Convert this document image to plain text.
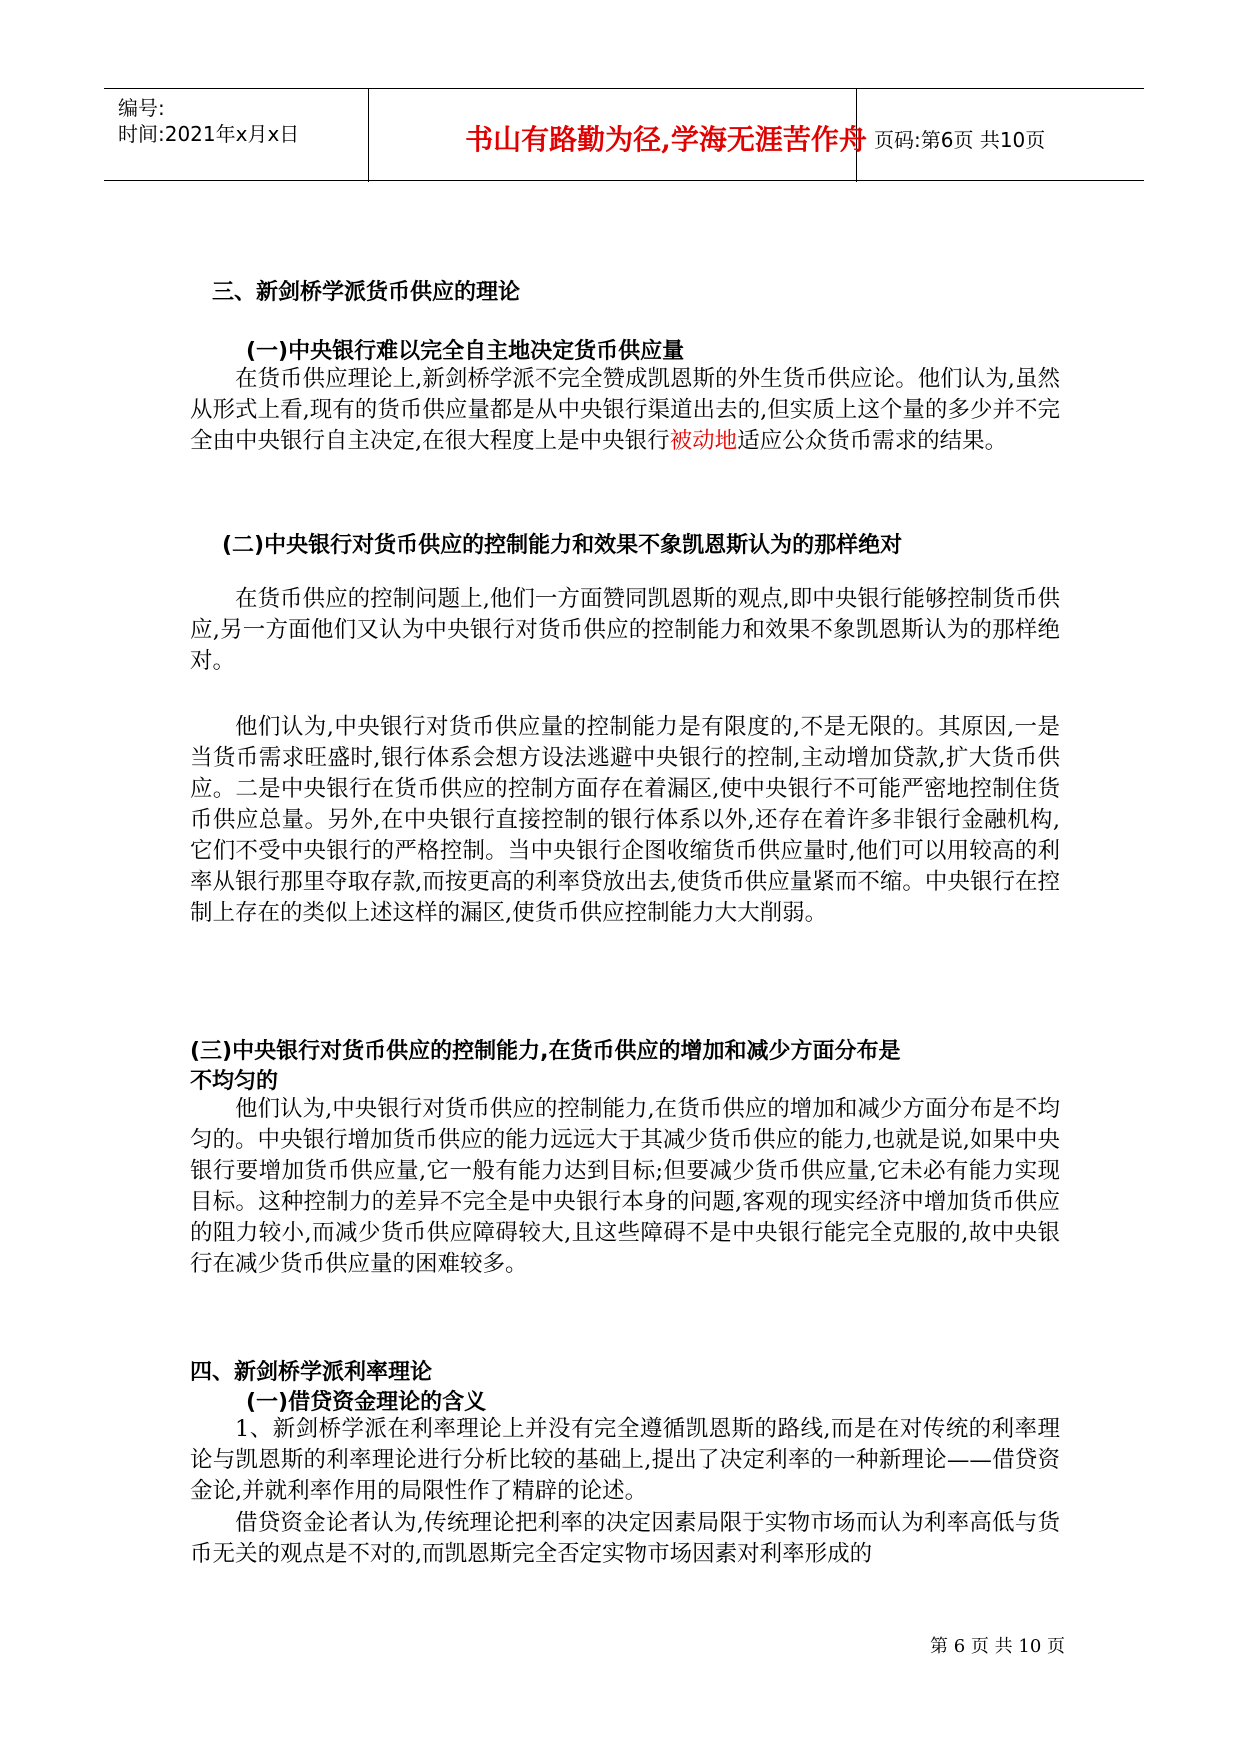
编号:
时间:2021年x月x日	书山有路勤为径,学海无涯苦作舟 页码:第6页 共10页
三、新剑桥学派货币供应的理论
(一)中央银行难以完全自主地决定货币供应量
在货币供应理论上,新剑桥学派不完全赞成凯恩斯的外生货币供应论。他们认为,虽然从形式上看,现有的货币供应量都是从中央银行渠道出去的,但实质上这个量的多少并不完全由中央银行自主决定,在很大程度上是中央银行被动地适应公众货币需求的结果。
(二)中央银行对货币供应的控制能力和效果不象凯恩斯认为的那样绝对
在货币供应的控制问题上,他们一方面赞同凯恩斯的观点,即中央银行能够控制货币供应,另一方面他们又认为中央银行对货币供应的控制能力和效果不象凯恩斯认为的那样绝对。
他们认为,中央银行对货币供应量的控制能力是有限度的,不是无限的。其原因,一是当货币需求旺盛时,银行体系会想方设法逃避中央银行的控制,主动增加贷款,扩大货币供应。二是中央银行在货币供应的控制方面存在着漏区,使中央银行不可能严密地控制住货币供应总量。另外,在中央银行直接控制的银行体系以外,还存在着许多非银行金融机构,它们不受中央银行的严格控制。当中央银行企图收缩货币供应量时,他们可以用较高的利率从银行那里夺取存款,而按更高的利率贷放出去,使货币供应量紧而不缩。中央银行在控制上存在的类似上述这样的漏区,使货币供应控制能力大大削弱。
(三)中央银行对货币供应的控制能力,在货币供应的增加和减少方面分布是
不均匀的
他们认为,中央银行对货币供应的控制能力,在货币供应的增加和减少方面分布是不均匀的。中央银行增加货币供应的能力远远大于其减少货币供应的能力,也就是说,如果中央银行要增加货币供应量,它一般有能力达到目标;但要减少货币供应量,它未必有能力实现目标。这种控制力的差异不完全是中央银行本身的问题,客观的现实经济中增加货币供应的阻力较小,而减少货币供应障碍较大,且这些障碍不是中央银行能完全克服的,故中央银行在减少货币供应量的困难较多。
四、新剑桥学派利率理论
(一)借贷资金理论的含义
1、新剑桥学派在利率理论上并没有完全遵循凯恩斯的路线,而是在对传统的利率理论与凯恩斯的利率理论进行分析比较的基础上,提出了决定利率的一种新理论——借贷资金论,并就利率作用的局限性作了精辟的论述。
借贷资金论者认为,传统理论把利率的决定因素局限于实物市场而认为利率高低与货币无关的观点是不对的,而凯恩斯完全否定实物市场因素对利率形成的
第 6 页 共 10 页
